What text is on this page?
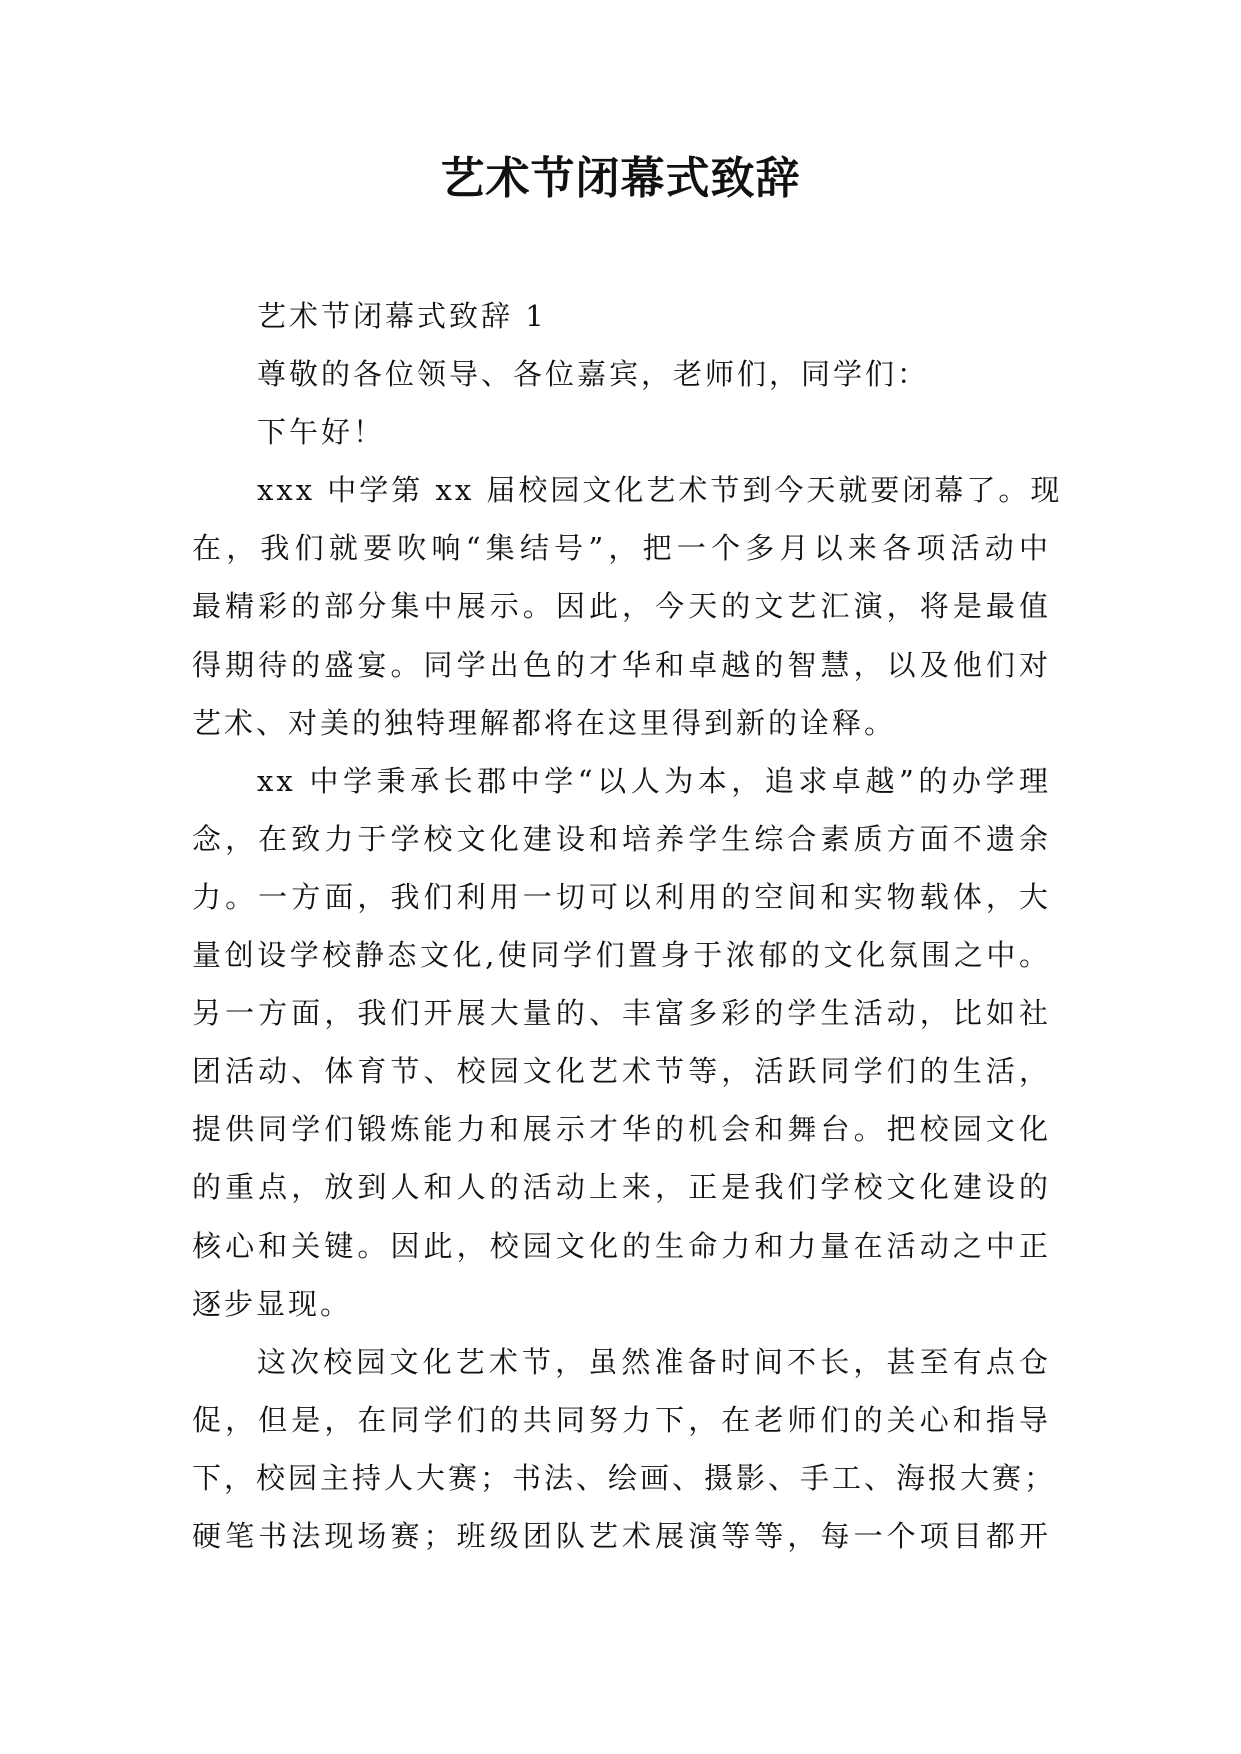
艺术节闭幕式致辞
艺术节闭幕式致辞 1
尊敬的各位领导、各位嘉宾，老师们，同学们：
下午好！
xxx 中学第 xx 届校园文化艺术节到今天就要闭幕了。现
在，我们就要吹响“集结号”，把一个多月以来各项活动中
最精彩的部分集中展示。因此，今天的文艺汇演，将是最值
得期待的盛宴。同学出色的才华和卓越的智慧，以及他们对
艺术、对美的独特理解都将在这里得到新的诠释。
xx 中学秉承长郡中学“以人为本，追求卓越”的办学理
念，在致力于学校文化建设和培养学生综合素质方面不遗余
力。一方面，我们利用一切可以利用的空间和实物载体，大
量创设学校静态文化,使同学们置身于浓郁的文化氛围之中。
另一方面，我们开展大量的、丰富多彩的学生活动，比如社
团活动、体育节、校园文化艺术节等，活跃同学们的生活，
提供同学们锻炼能力和展示才华的机会和舞台。把校园文化
的重点，放到人和人的活动上来，正是我们学校文化建设的
核心和关键。因此，校园文化的生命力和力量在活动之中正
逐步显现。
这次校园文化艺术节，虽然准备时间不长，甚至有点仓
促，但是，在同学们的共同努力下，在老师们的关心和指导
下，校园主持人大赛；书法、绘画、摄影、手工、海报大赛；
硬笔书法现场赛；班级团队艺术展演等等，每一个项目都开
